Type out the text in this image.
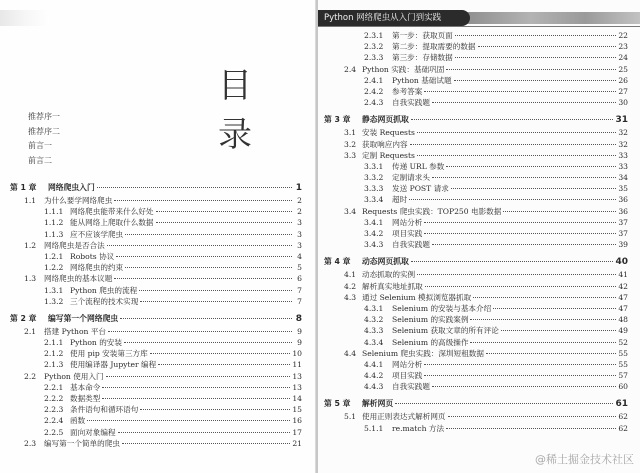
目 录
推荐序一
推荐序二
前言一
前言二
第 1 章	网络爬虫入门	1
1.1	为什么要学网络爬虫	2
1.1.1 网络爬虫能带来什么好处	2
1.1.2 能从网络上爬取什么数据	3
1.1.3 应不应该学爬虫	3
1.2	网络爬虫是否合法	3
1.2.1 Robots 协议	4
1.2.2 网络爬虫的约束	5
1.3	网络爬虫的基本议题	6
1.3.1 Python 爬虫的流程	7
1.3.2 三个流程的技术实现	7
第 2 章	编写第一个网络爬虫	8
2.1	搭建 Python 平台	9
2.1.1 Python 的安装	9
2.1.2 使用 pip 安装第三方库	10
2.1.3 使用编译器 Jupyter 编程	11
2.2	Python 使用入门	13
2.2.1 基本命令	13
2.2.2 数据类型	14
2.2.3 条件语句和循环语句	15
2.2.4 函数	16
2.2.5 面向对象编程	17
2.3	编写第一个简单的爬虫	21
Python 网络爬虫从入门到实践
2.3.1	第一步：获取页面	22
2.3.2	第二步：提取需要的数据	23
2.3.3	第三步：存储数据	24
2.4 Python 实践：基础巩固	25
2.4.1	Python 基础试题	26
2.4.2	参考答案	27
2.4.3	自我实践题	30
第 3 章	静态网页抓取	31
3.1 安装 Requests	32
3.2 获取响应内容	32
3.3 定制 Requests	33
3.3.1	传递 URL 参数	33
3.3.2	定制请求头	34
3.3.3	发送 POST 请求	35
3.3.4	超时	36
3.4 Requests 爬虫实践：TOP250 电影数据	36
3.4.1	网站分析	37
3.4.2	项目实践	37
3.4.3	自我实践题	39
第 4 章	动态网页抓取	40
4.1 动态抓取的实例	41
4.2 解析真实地址抓取	42
4.3 通过 Selenium 模拟浏览器抓取	47
4.3.1	Selenium 的安装与基本介绍	47
4.3.2	Selenium 的实践案例	48
4.3.3	Selenium 获取文章的所有评论	49
4.3.4	Selenium 的高级操作	52
4.4 Selenium 爬虫实践：深圳短租数据	55
4.4.1	网站分析	55
4.4.2	项目实践	57
4.4.3	自我实践题	60
第 5 章	解析网页	61
5.1 使用正则表达式解析网页	62
5.1.1	re.match 方法	62
@稀土掘金技术社区
